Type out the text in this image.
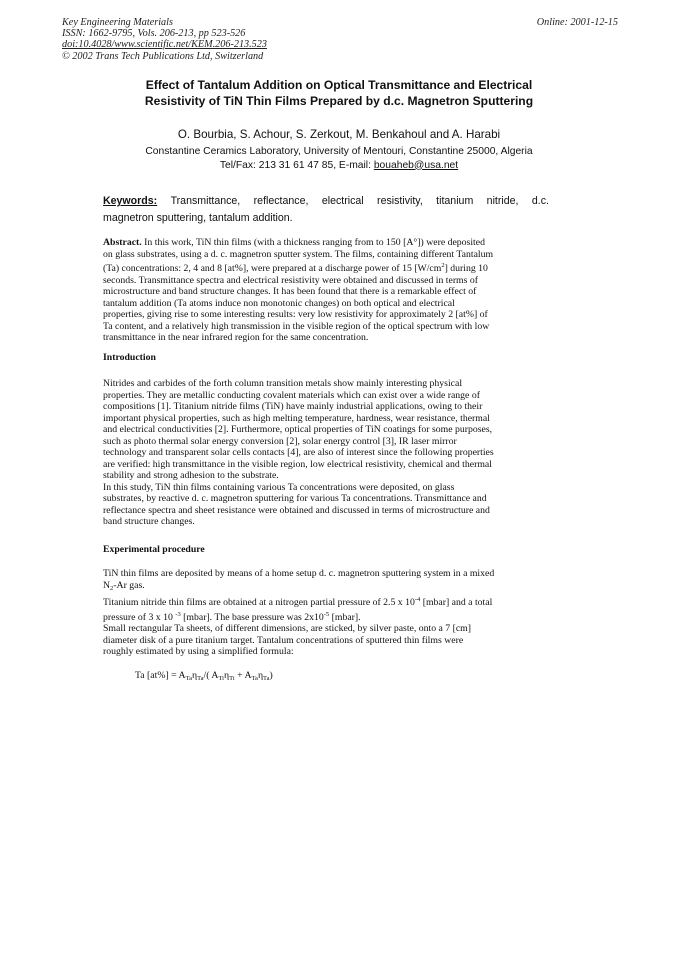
Key Engineering Materials
ISSN: 1662-9795, Vols. 206-213, pp 523-526
doi:10.4028/www.scientific.net/KEM.206-213.523
© 2002 Trans Tech Publications Ltd, Switzerland
Online: 2001-12-15
Effect of Tantalum Addition on Optical Transmittance and Electrical
Resistivity of TiN Thin Films Prepared by d.c. Magnetron Sputtering
O. Bourbia, S. Achour, S. Zerkout, M. Benkahoul and A. Harabi
Constantine Ceramics Laboratory, University of Mentouri, Constantine 25000, Algeria
Tel/Fax: 213 31 61 47 85, E-mail: bouaheb@usa.net
Keywords: Transmittance, reflectance, electrical resistivity, titanium nitride, d.c.
magnetron sputtering, tantalum addition.
Abstract. In this work, TiN thin films (with a thickness ranging from to 150 [A°]) were deposited
on glass substrates, using a d. c. magnetron sputter system. The films, containing different Tantalum
(Ta) concentrations: 2, 4 and 8 [at%], were prepared at a discharge power of 15 $[W/cm^2]$ during 10
seconds. Transmittance spectra and electrical resistivity were obtained and discussed in terms of
microstructure and band structure changes. It has been found that there is a remarkable effect of
tantalum addition (Ta atoms induce non monotonic changes) on both optical and electrical
properties, giving rise to some interesting results: very low resistivity for approximately 2 [at%] of
Ta content, and a relatively high transmission in the visible region of the optical spectrum with low
transmittance in the near infrared region for the same concentration.
Introduction
Nitrides and carbides of the forth column transition metals show mainly interesting physical
properties. They are metallic conducting covalent materials which can exist over a wide range of
compositions [1]. Titanium nitride films (TiN) have mainly industrial applications, owing to their
important physical properties, such as high melting temperature, hardness, wear resistance, thermal
and electrical conductivities [2]. Furthermore, optical properties of TiN coatings for some purposes,
such as photo thermal solar energy conversion [2], solar energy control [3], IR laser mirror
technology and transparent solar cells contacts [4], are also of interest since the following properties
are verified: high transmittance in the visible region, low electrical resistivity, chemical and thermal
stability and strong adhesion to the substrate.
In this study, TiN thin films containing various Ta concentrations were deposited, on glass
substrates, by reactive d. c. magnetron sputtering for various Ta concentrations. Transmittance and
reflectance spectra and sheet resistance were obtained and discussed in terms of microstructure and
band structure changes.
Experimental procedure
TiN thin films are deposited by means of a home setup d. c. magnetron sputtering system in a mixed
$N_2-Ar$ gas.
Titanium nitride thin films are obtained at a nitrogen partial pressure of 2.5 x $10^{-4}$ [mbar] and a total
pressure of 3 x 10 $^{-3}$ [mbar]. The base pressure was $2x10^{-5}$ [mbar].
Small rectangular Ta sheets, of different dimensions, are sticked, by silver paste, onto a 7 [cm]
diameter disk of a pure titanium target. Tantalum concentrations of sputtered thin films were
roughly estimated by using a simplified formula:
Ta $[at\%] = A_{Ta}\eta_{Ta}/$( $A_{Ti}\eta_{Ti} + A_{Ta}\eta_{Ta}$)
